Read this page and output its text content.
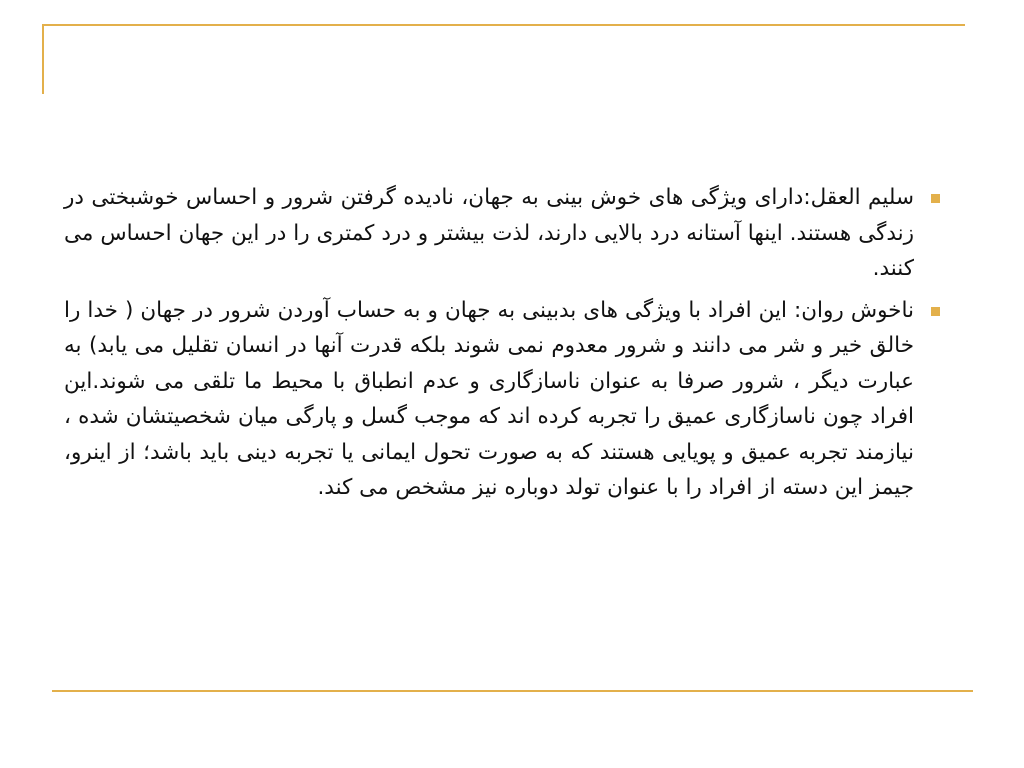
سلیم العقل:دارای ویژگی های خوش بینی به جهان، نادیده گرفتن شرور و احساس خوشبختی در زندگی هستند. اینها آستانه درد بالایی دارند، لذت بیشتر و درد کمتری را در این جهان احساس می کنند.
ناخوش روان: این افراد با ویژگی های بدبینی به جهان و به حساب آوردن شرور در جهان ( خدا را خالق خیر و شر می دانند و شرور معدوم نمی شوند بلکه قدرت آنها در انسان تقلیل می یابد) به عبارت دیگر ، شرور صرفا به عنوان ناسازگاری و عدم انطباق با محیط ما تلقی می شوند.این افراد چون ناسازگاری عمیق را تجربه کرده اند که موجب گسل و پارگی میان شخصیتشان شده ، نیازمند تجربه عمیق و پویایی هستند که به صورت تحول ایمانی یا تجربه دینی باید باشد؛ از اینرو، جیمز این دسته از افراد را با عنوان تولد دوباره نیز مشخص می کند.
